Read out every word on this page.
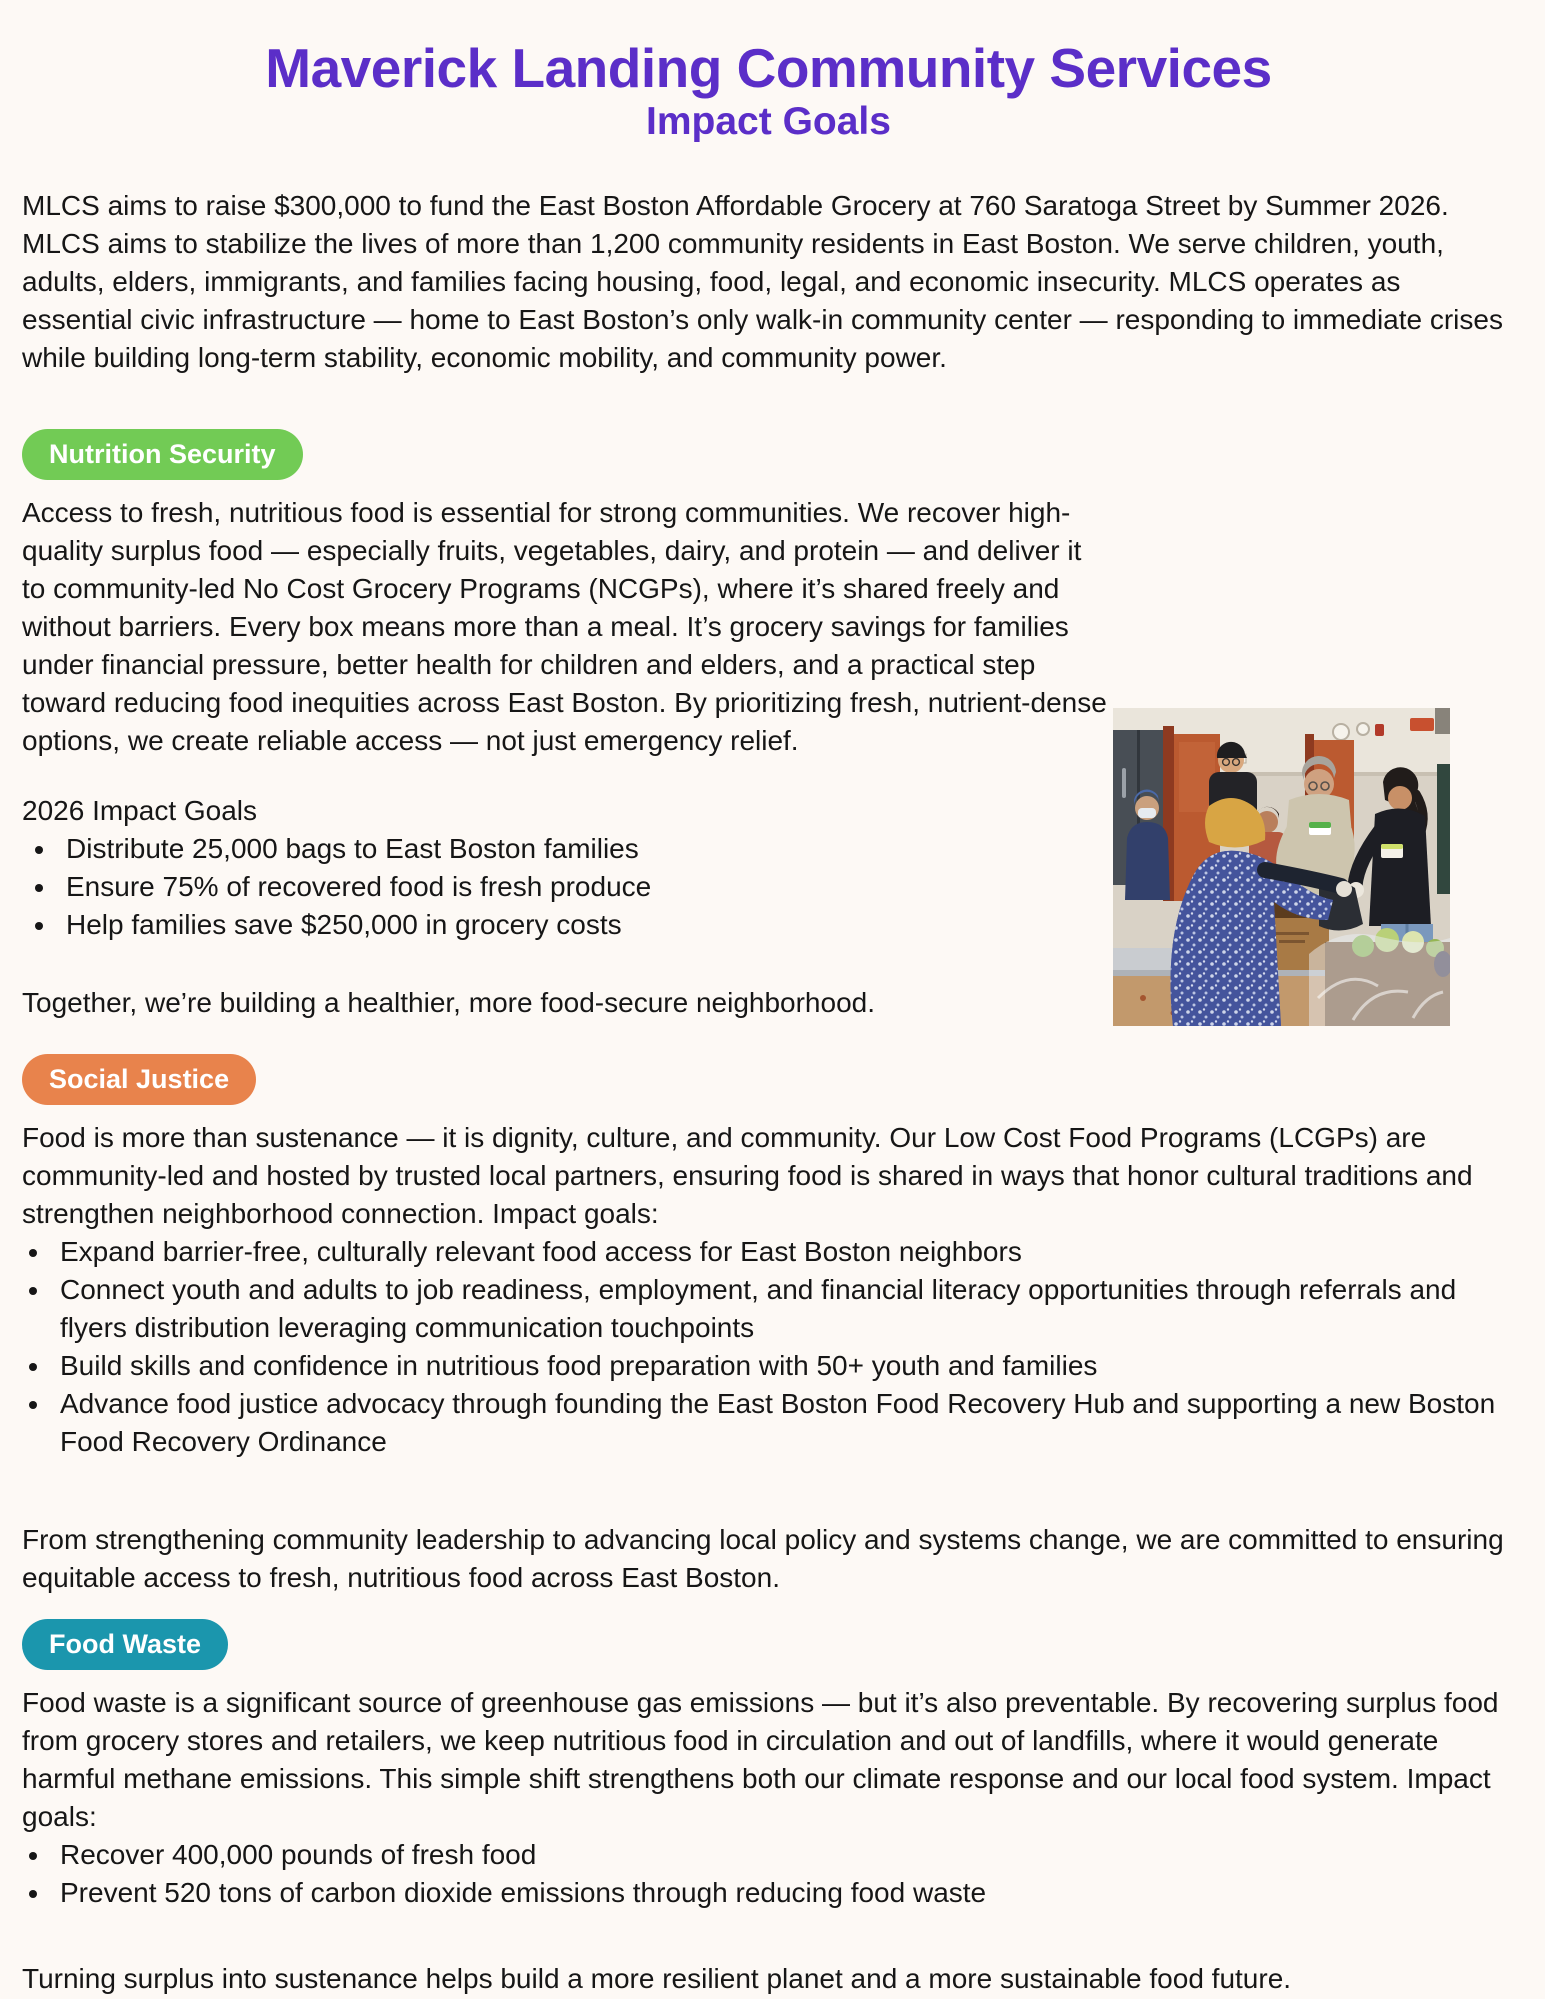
Maverick Landing Community Services
Impact Goals

MLCS aims to raise $300,000 to fund the East Boston Affordable Grocery at 760 Saratoga Street by Summer 2026. MLCS aims to stabilize the lives of more than 1,200 community residents in East Boston. We serve children, youth, adults, elders, immigrants, and families facing housing, food, legal, and economic insecurity. MLCS operates as essential civic infrastructure — home to East Boston’s only walk-in community center — responding to immediate crises while building long-term stability, economic mobility, and community power.

Nutrition Security

Access to fresh, nutritious food is essential for strong communities. We recover high-quality surplus food — especially fruits, vegetables, dairy, and protein — and deliver it to community-led No Cost Grocery Programs (NCGPs), where it’s shared freely and without barriers. Every box means more than a meal. It’s grocery savings for families under financial pressure, better health for children and elders, and a practical step toward reducing food inequities across East Boston. By prioritizing fresh, nutrient-dense options, we create reliable access — not just emergency relief.

2026 Impact Goals

• Distribute 25,000 bags to East Boston families
• Ensure 75% of recovered food is fresh produce
• Help families save $250,000 in grocery costs

Together, we’re building a healthier, more food-secure neighborhood.

Social Justice

Food is more than sustenance — it is dignity, culture, and community. Our Low Cost Food Programs (LCGPs) are community-led and hosted by trusted local partners, ensuring food is shared in ways that honor cultural traditions and strengthen neighborhood connection. Impact goals:

• Expand barrier-free, culturally relevant food access for East Boston neighbors
• Connect youth and adults to job readiness, employment, and financial literacy opportunities through referrals and flyers distribution leveraging communication touchpoints
• Build skills and confidence in nutritious food preparation with 50+ youth and families
• Advance food justice advocacy through founding the East Boston Food Recovery Hub and supporting a new Boston Food Recovery Ordinance

From strengthening community leadership to advancing local policy and systems change, we are committed to ensuring equitable access to fresh, nutritious food across East Boston.

Food Waste

Food waste is a significant source of greenhouse gas emissions — but it’s also preventable. By recovering surplus food from grocery stores and retailers, we keep nutritious food in circulation and out of landfills, where it would generate harmful methane emissions. This simple shift strengthens both our climate response and our local food system. Impact goals:

• Recover 400,000 pounds of fresh food
• Prevent 520 tons of carbon dioxide emissions through reducing food waste

Turning surplus into sustenance helps build a more resilient planet and a more sustainable food future.
